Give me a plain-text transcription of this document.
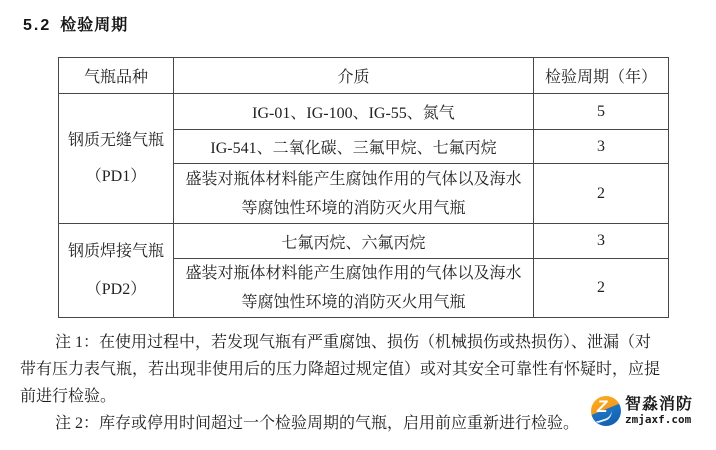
5.2 检验周期
气瓶品种	介质	检验周期（年）

钢质无缝气瓶
（PD1）	IG-01、IG-100、IG-55、氮气	5
	IG-541、二氧化碳、三氟甲烷、七氟丙烷	3

	盛装对瓶体材料能产生腐蚀作用的气体以及海水
等腐蚀性环境的消防灭火用气瓶	2

钢质焊接气瓶
（PD2）	七氟丙烷、六氟丙烷	3

	盛装对瓶体材料能产生腐蚀作用的气体以及海水
等腐蚀性环境的消防灭火用气瓶	2
注 1：在使用过程中，若发现气瓶有严重腐蚀、损伤（机械损伤或热损伤）、泄漏（对
带有压力表气瓶，若出现非使用后的压力降超过规定值）或对其安全可靠性有怀疑时，应提
前进行检验。
注 2：库存或停用时间超过一个检验周期的气瓶，启用前应重新进行检验。
Z 智淼消防
zmjaxf.com
